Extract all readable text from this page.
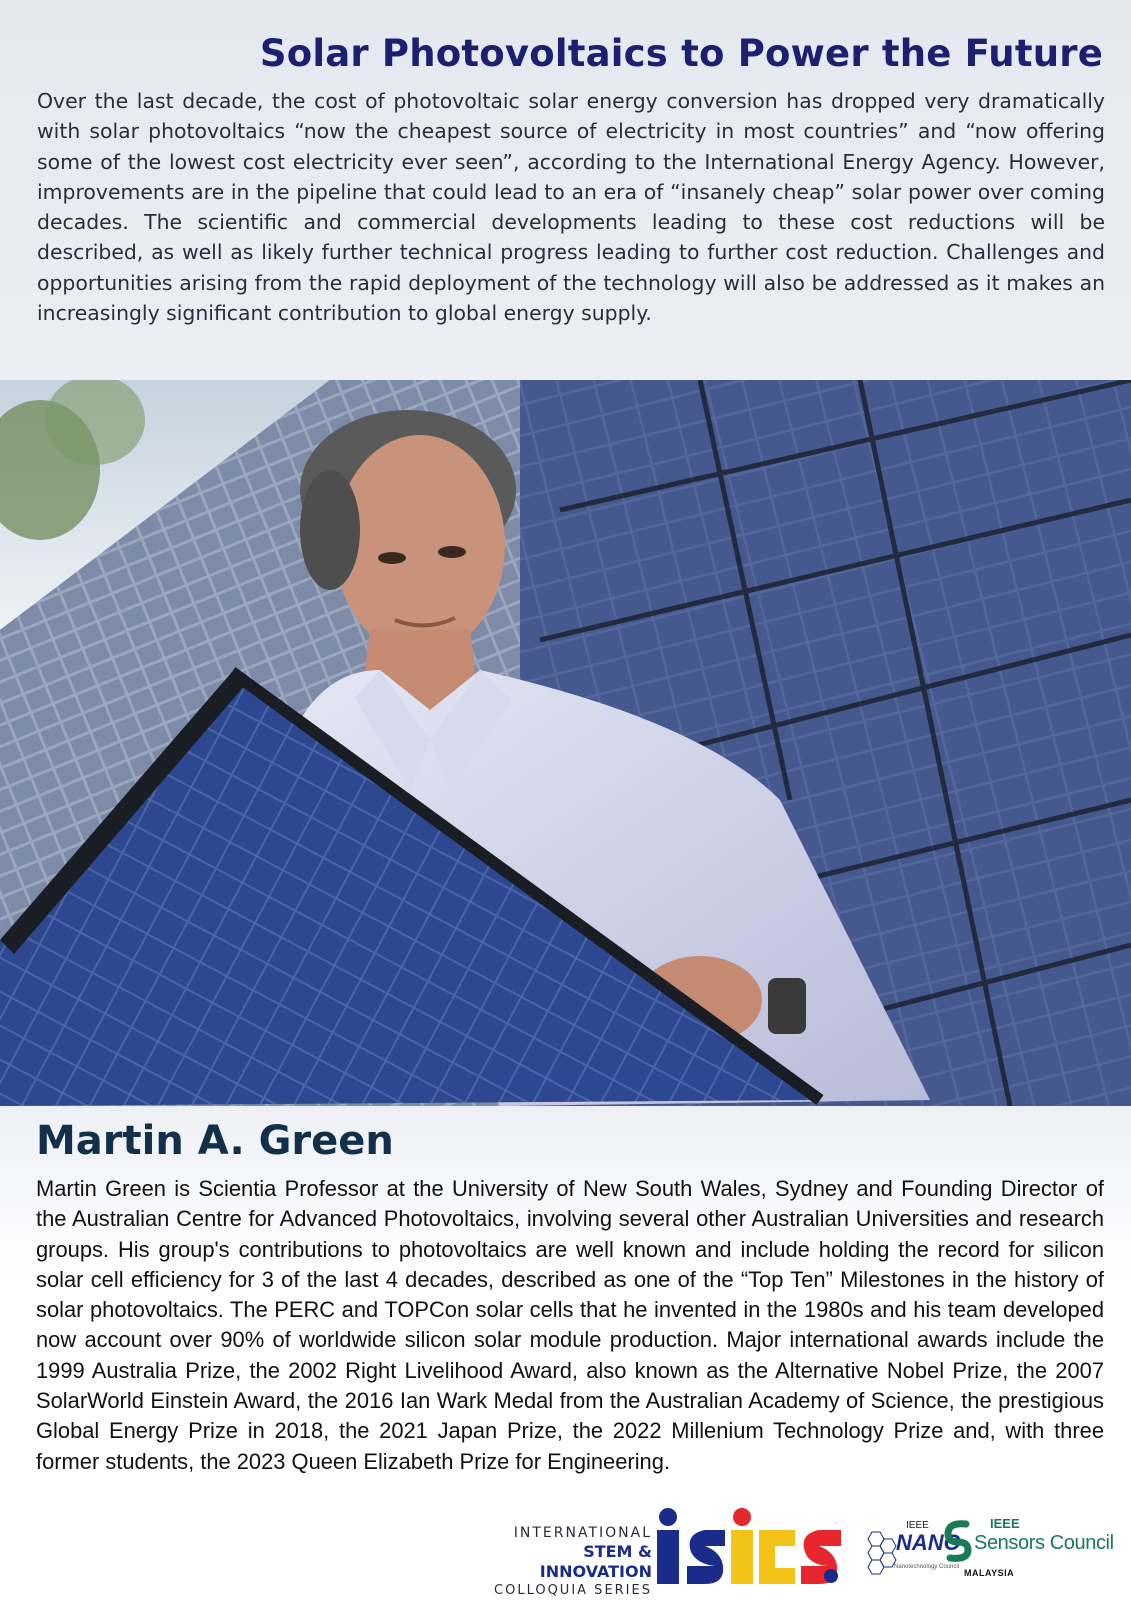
Solar Photovoltaics to Power the Future

Over the last decade, the cost of photovoltaic solar energy conversion has dropped very dramatically with solar photovoltaics “now the cheapest source of electricity in most countries” and “now offering some of the lowest cost electricity ever seen”, according to the International Energy Agency. However, improvements are in the pipeline that could lead to an era of “insanely cheap” solar power over coming decades. The scientific and commercial developments leading to these cost reductions will be described, as well as likely further technical progress leading to further cost reduction. Challenges and opportunities arising from the rapid deployment of the technology will also be addressed as it makes an increasingly significant contribution to global energy supply.

Martin A. Green

Martin Green is Scientia Professor at the University of New South Wales, Sydney and Founding Director of the Australian Centre for Advanced Photovoltaics, involving several other Australian Universities and research groups. His group's contributions to photovoltaics are well known and include holding the record for silicon solar cell efficiency for 3 of the last 4 decades, described as one of the “Top Ten” Milestones in the history of solar photovoltaics. The PERC and TOPCon solar cells that he invented in the 1980s and his team developed now account over 90% of worldwide silicon solar module production. Major international awards include the 1999 Australia Prize, the 2002 Right Livelihood Award, also known as the Alternative Nobel Prize, the 2007 SolarWorld Einstein Award, the 2016 Ian Wark Medal from the Australian Academy of Science, the prestigious Global Energy Prize in 2018, the 2021 Japan Prize, the 2022 Millenium Technology Prize and, with three former students, the 2023 Queen Elizabeth Prize for Engineering.

INTERNATIONAL
STEM & INNOVATION
COLLOQUIA SERIES
IEEE
NANO
Nanotechnology Council
IEEE
Sensors Council
MALAYSIA
